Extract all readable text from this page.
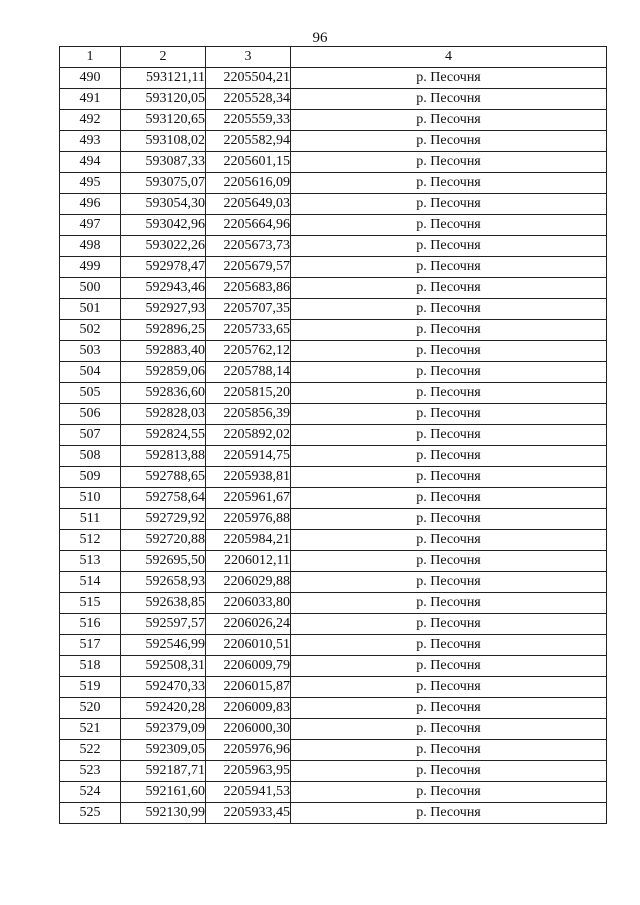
96
1	2	3	4
490	593121,11	2205504,21	р. Песочня
491	593120,05	2205528,34	р. Песочня
492	593120,65	2205559,33	р. Песочня
493	593108,02	2205582,94	р. Песочня
494	593087,33	2205601,15	р. Песочня
495	593075,07	2205616,09	р. Песочня
496	593054,30	2205649,03	р. Песочня
497	593042,96	2205664,96	р. Песочня
498	593022,26	2205673,73	р. Песочня
499	592978,47	2205679,57	р. Песочня
500	592943,46	2205683,86	р. Песочня
501	592927,93	2205707,35	р. Песочня
502	592896,25	2205733,65	р. Песочня
503	592883,40	2205762,12	р. Песочня
504	592859,06	2205788,14	р. Песочня
505	592836,60	2205815,20	р. Песочня
506	592828,03	2205856,39	р. Песочня
507	592824,55	2205892,02	р. Песочня
508	592813,88	2205914,75	р. Песочня
509	592788,65	2205938,81	р. Песочня
510	592758,64	2205961,67	р. Песочня
511	592729,92	2205976,88	р. Песочня
512	592720,88	2205984,21	р. Песочня
513	592695,50	2206012,11	р. Песочня
514	592658,93	2206029,88	р. Песочня
515	592638,85	2206033,80	р. Песочня
516	592597,57	2206026,24	р. Песочня
517	592546,99	2206010,51	р. Песочня
518	592508,31	2206009,79	р. Песочня
519	592470,33	2206015,87	р. Песочня
520	592420,28	2206009,83	р. Песочня
521	592379,09	2206000,30	р. Песочня
522	592309,05	2205976,96	р. Песочня
523	592187,71	2205963,95	р. Песочня
524	592161,60	2205941,53	р. Песочня
525	592130,99	2205933,45	р. Песочня
